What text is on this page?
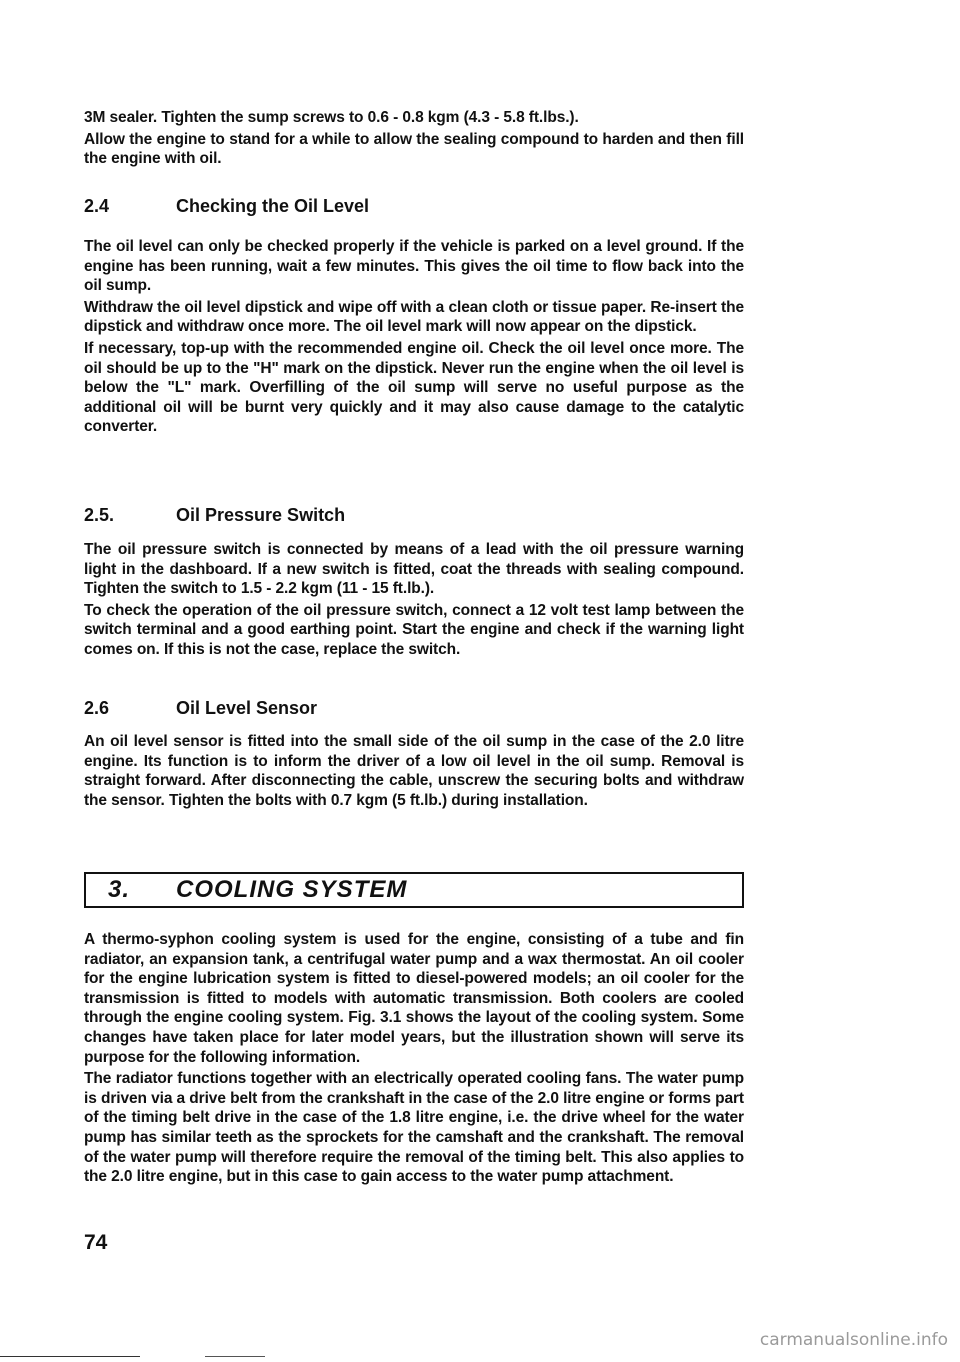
3M sealer. Tighten the sump screws to 0.6 - 0.8 kgm (4.3 - 5.8 ft.lbs.).

Allow the engine to stand for a while to allow the sealing compound to harden and then fill the engine with oil.

2.4	Checking the Oil Level

The oil level can only be checked properly if the vehicle is parked on a level ground. If the engine has been running, wait a few minutes. This gives the oil time to flow back into the oil sump.

Withdraw the oil level dipstick and wipe off with a clean cloth or tissue paper. Re-insert the dipstick and withdraw once more. The oil level mark will now appear on the dipstick.

If necessary, top-up with the recommended engine oil. Check the oil level once more. The oil should be up to the "H" mark on the dipstick. Never run the engine when the oil level is below the "L" mark. Overfilling of the oil sump will serve no useful purpose as the additional oil will be burnt very quickly and it may also cause damage to the catalytic converter.

2.5.	Oil Pressure Switch

The oil pressure switch is connected by means of a lead with the oil pressure warning light in the dashboard. If a new switch is fitted, coat the threads with sealing compound. Tighten the switch to 1.5 - 2.2 kgm (11 - 15 ft.lb.).

To check the operation of the oil pressure switch, connect a 12 volt test lamp between the switch terminal and a good earthing point. Start the engine and check if the warning light comes on. If this is not the case, replace the switch.

2.6	Oil Level Sensor

An oil level sensor is fitted into the small side of the oil sump in the case of the 2.0 litre engine. Its function is to inform the driver of a low oil level in the oil sump. Removal is straight forward. After disconnecting the cable, unscrew the securing bolts and withdraw the sensor. Tighten the bolts with 0.7 kgm (5 ft.lb.) during installation.

3.	COOLING SYSTEM

A thermo-syphon cooling system is used for the engine, consisting of a tube and fin radiator, an expansion tank, a centrifugal water pump and a wax thermostat. An oil cooler for the engine lubrication system is fitted to diesel-powered models; an oil cooler for the transmission is fitted to models with automatic transmission. Both coolers are cooled through the engine cooling system. Fig. 3.1 shows the layout of the cooling system. Some changes have taken place for later model years, but the illustration shown will serve its purpose for the following information.

The radiator functions together with an electrically operated cooling fans. The water pump is driven via a drive belt from the crankshaft in the case of the 2.0 litre engine or forms part of the timing belt drive in the case of the 1.8 litre engine, i.e. the drive wheel for the water pump has similar teeth as the sprockets for the camshaft and the crankshaft. The removal of the water pump will therefore require the removal of the timing belt. This also applies to the 2.0 litre engine, but in this case to gain access to the water pump attachment.

74
carmanualsonline.info
